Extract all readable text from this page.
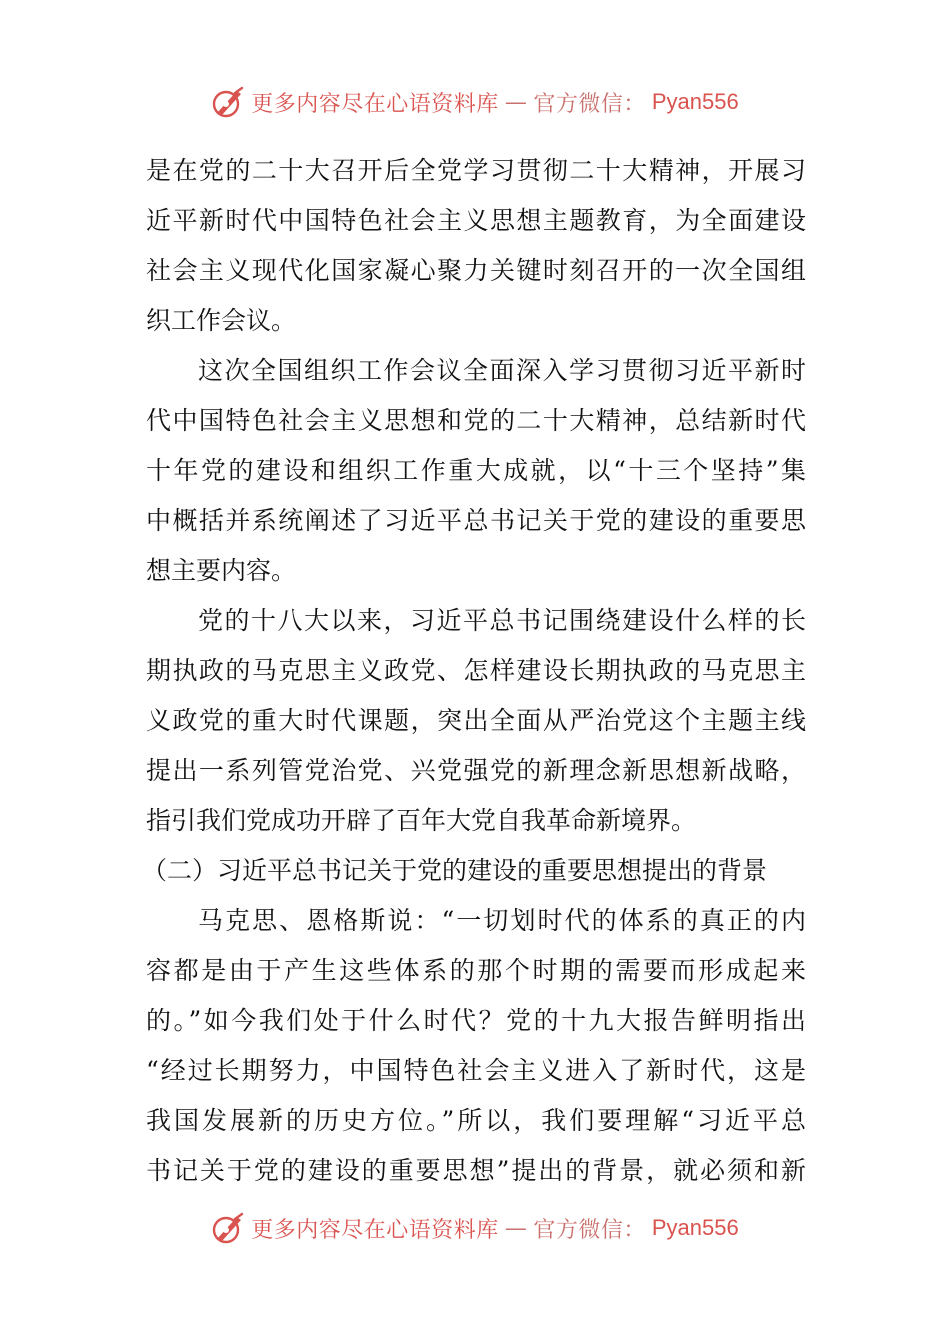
更多内容尽在心语资料库 — 官方微信： Pyan556
是在党的二十大召开后全党学习贯彻二十大精神，开展习
近平新时代中国特色社会主义思想主题教育，为全面建设
社会主义现代化国家凝心聚力关键时刻召开的一次全国组
织工作会议。
这次全国组织工作会议全面深入学习贯彻习近平新时
代中国特色社会主义思想和党的二十大精神，总结新时代
十年党的建设和组织工作重大成就，以“十三个坚持”集
中概括并系统阐述了习近平总书记关于党的建设的重要思
想主要内容。
党的十八大以来，习近平总书记围绕建设什么样的长
期执政的马克思主义政党、怎样建设长期执政的马克思主
义政党的重大时代课题，突出全面从严治党这个主题主线
提出一系列管党治党、兴党强党的新理念新思想新战略，
指引我们党成功开辟了百年大党自我革命新境界。
（二）习近平总书记关于党的建设的重要思想提出的背景
马克思、恩格斯说：“一切划时代的体系的真正的内
容都是由于产生这些体系的那个时期的需要而形成起来
的。”如今我们处于什么时代？党的十九大报告鲜明指出
“经过长期努力，中国特色社会主义进入了新时代，这是
我国发展新的历史方位。”所以，我们要理解“习近平总
书记关于党的建设的重要思想”提出的背景，就必须和新
更多内容尽在心语资料库 — 官方微信： Pyan556
